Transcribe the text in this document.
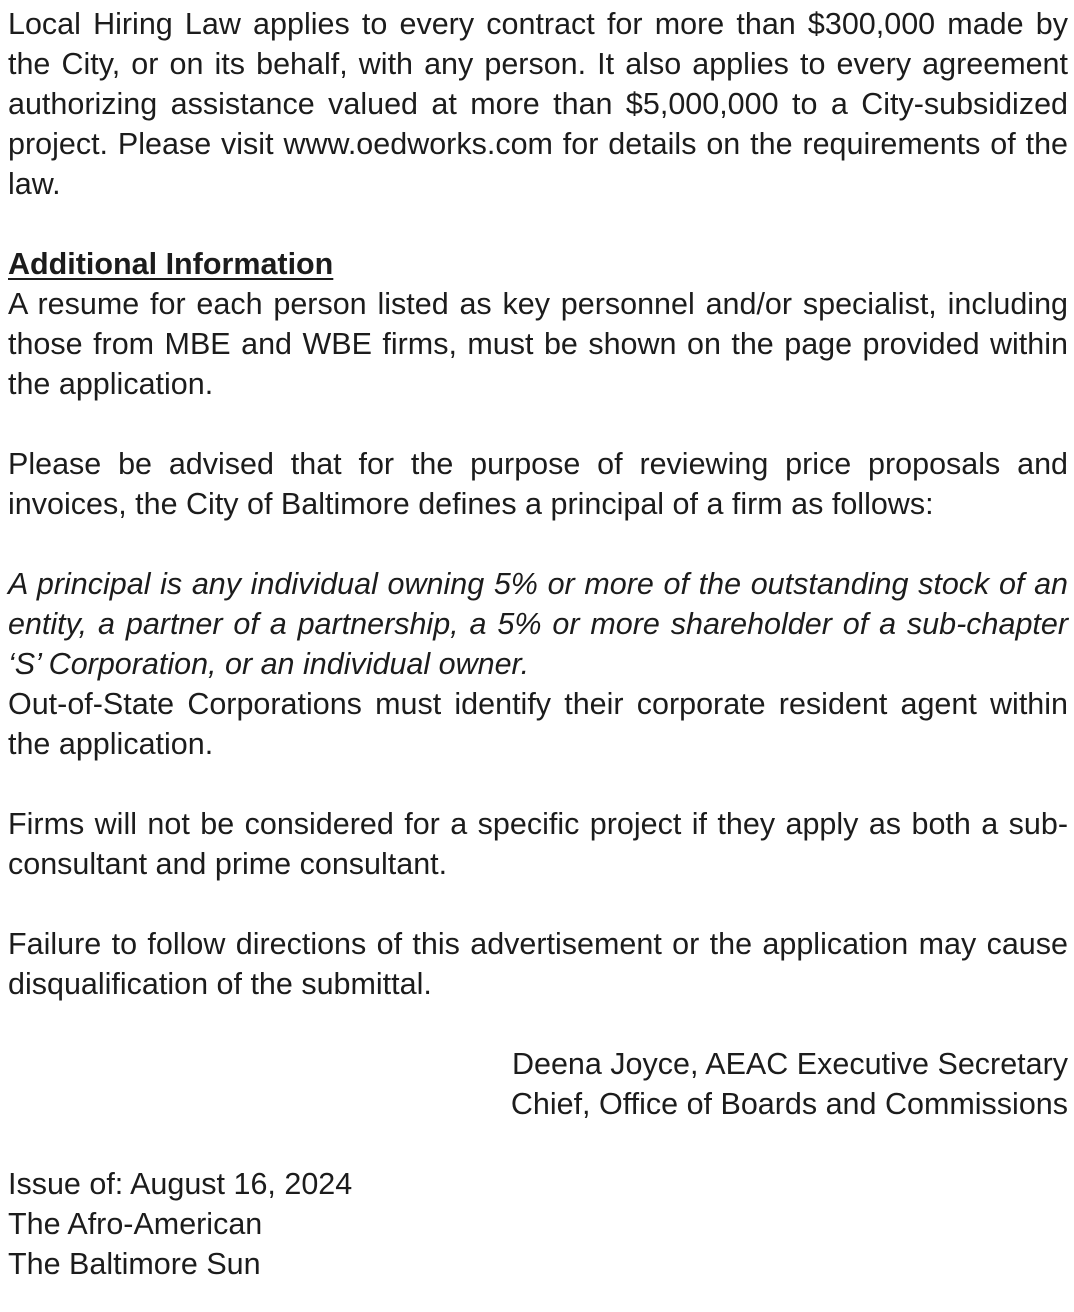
Local Hiring Law applies to every contract for more than $300,000 made by the City, or on its behalf, with any person. It also applies to every agreement authorizing assistance valued at more than $5,000,000 to a City-subsidized project. Please visit www.oedworks.com for details on the requirements of the law.

Additional Information

A resume for each person listed as key personnel and/or specialist, including those from MBE and WBE firms, must be shown on the page provided within the application.

Please be advised that for the purpose of reviewing price proposals and invoices, the City of Baltimore defines a principal of a firm as follows:

A principal is any individual owning 5% or more of the outstanding stock of an entity, a partner of a partnership, a 5% or more shareholder of a sub-chapter ‘S’ Corporation, or an individual owner.

Out-of-State Corporations must identify their corporate resident agent within the application.

Firms will not be considered for a specific project if they apply as both a sub-consultant and prime consultant.

Failure to follow directions of this advertisement or the application may cause disqualification of the submittal.

Deena Joyce, AEAC Executive Secretary
Chief, Office of Boards and Commissions
Issue of: August 16, 2024
The Afro-American
The Baltimore Sun
